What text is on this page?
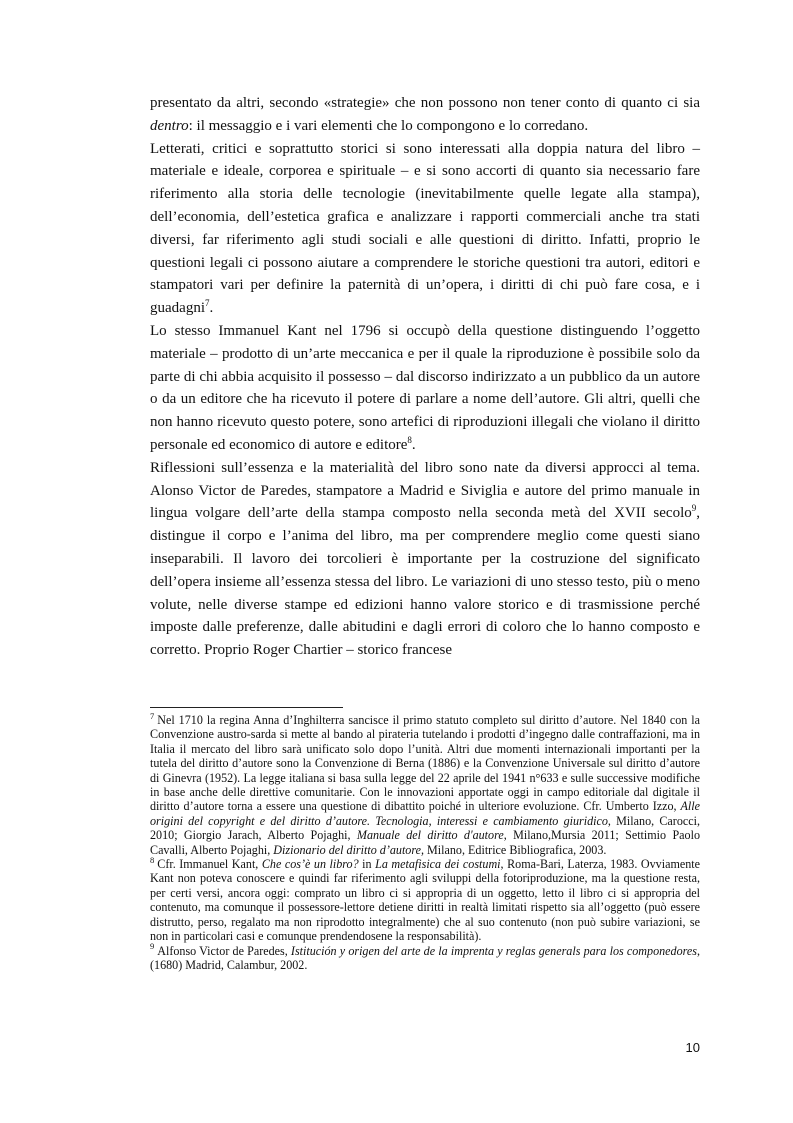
presentato da altri, secondo «strategie» che non possono non tener conto di quanto ci sia dentro: il messaggio e i vari elementi che lo compongono e lo corredano.

Letterati, critici e soprattutto storici si sono interessati alla doppia natura del libro – materiale e ideale, corporea e spirituale – e si sono accorti di quanto sia necessario fare riferimento alla storia delle tecnologie (inevitabilmente quelle legate alla stampa), dell’economia, dell’estetica grafica e analizzare i rapporti commerciali anche tra stati diversi, far riferimento agli studi sociali e alle questioni di diritto. Infatti, proprio le questioni legali ci possono aiutare a comprendere le storiche questioni tra autori, editori e stampatori vari per definire la paternità di un’opera, i diritti di chi può fare cosa, e i guadagni$^7$.

Lo stesso Immanuel Kant nel 1796 si occupò della questione distinguendo l’oggetto materiale – prodotto di un’arte meccanica e per il quale la riproduzione è possibile solo da parte di chi abbia acquisito il possesso – dal discorso indirizzato a un pubblico da un autore o da un editore che ha ricevuto il potere di parlare a nome dell’autore. Gli altri, quelli che non hanno ricevuto questo potere, sono artefici di riproduzioni illegali che violano il diritto personale ed economico di autore e editore$^8$.

Riflessioni sull’essenza e la materialità del libro sono nate da diversi approcci al tema. Alonso Victor de Paredes, stampatore a Madrid e Siviglia e autore del primo manuale in lingua volgare dell’arte della stampa composto nella seconda metà del XVII secolo$^9$, distingue il corpo e l’anima del libro, ma per comprendere meglio come questi siano inseparabili. Il lavoro dei torcolieri è importante per la costruzione del significato dell’opera insieme all’essenza stessa del libro. Le variazioni di uno stesso testo, più o meno volute, nelle diverse stampe ed edizioni hanno valore storico e di trasmissione perché imposte dalle preferenze, dalle abitudini e dagli errori di coloro che lo hanno composto e corretto. Proprio Roger Chartier – storico francese

$^7$ Nel 1710 la regina Anna d’Inghilterra sancisce il primo statuto completo sul diritto d’autore. Nel 1840 con la Convenzione austro-sarda si mette al bando al pirateria tutelando i prodotti d’ingegno dalle contraffazioni, ma in Italia il mercato del libro sarà unificato solo dopo l’unità. Altri due momenti internazionali importanti per la tutela del diritto d’autore sono la Convenzione di Berna (1886) e la Convenzione Universale sul diritto d’autore di Ginevra (1952). La legge italiana si basa sulla legge del 22 aprile del 1941 n°633 e sulle successive modifiche in base anche delle direttive comunitarie. Con le innovazioni apportate oggi in campo editoriale dal digitale il diritto d’autore torna a essere una questione di dibattito poiché in ulteriore evoluzione. Cfr. Umberto Izzo, Alle origini del copyright e del diritto d’autore. Tecnologia, interessi e cambiamento giuridico, Milano, Carocci, 2010; Giorgio Jarach, Alberto Pojaghi, Manuale del diritto d'autore, Milano,Mursia 2011; Settimio Paolo Cavalli, Alberto Pojaghi, Dizionario del diritto d’autore, Milano, Editrice Bibliografica, 2003.

$^8$ Cfr. Immanuel Kant, Che cos’è un libro? in La metafisica dei costumi, Roma-Bari, Laterza, 1983. Ovviamente Kant non poteva conoscere e quindi far riferimento agli sviluppi della fotoriproduzione, ma la questione resta, per certi versi, ancora oggi: comprato un libro ci si appropria di un oggetto, letto il libro ci si appropria del contenuto, ma comunque il possessore-lettore detiene diritti in realtà limitati rispetto sia all’oggetto (può essere distrutto, perso, regalato ma non riprodotto integralmente) che al suo contenuto (non può subire variazioni, se non in particolari casi e comunque prendendosene la responsabilità).

$^9$ Alfonso Victor de Paredes, Istitución y origen del arte de la imprenta y reglas generals para los componedores, (1680) Madrid, Calambur, 2002.

10
